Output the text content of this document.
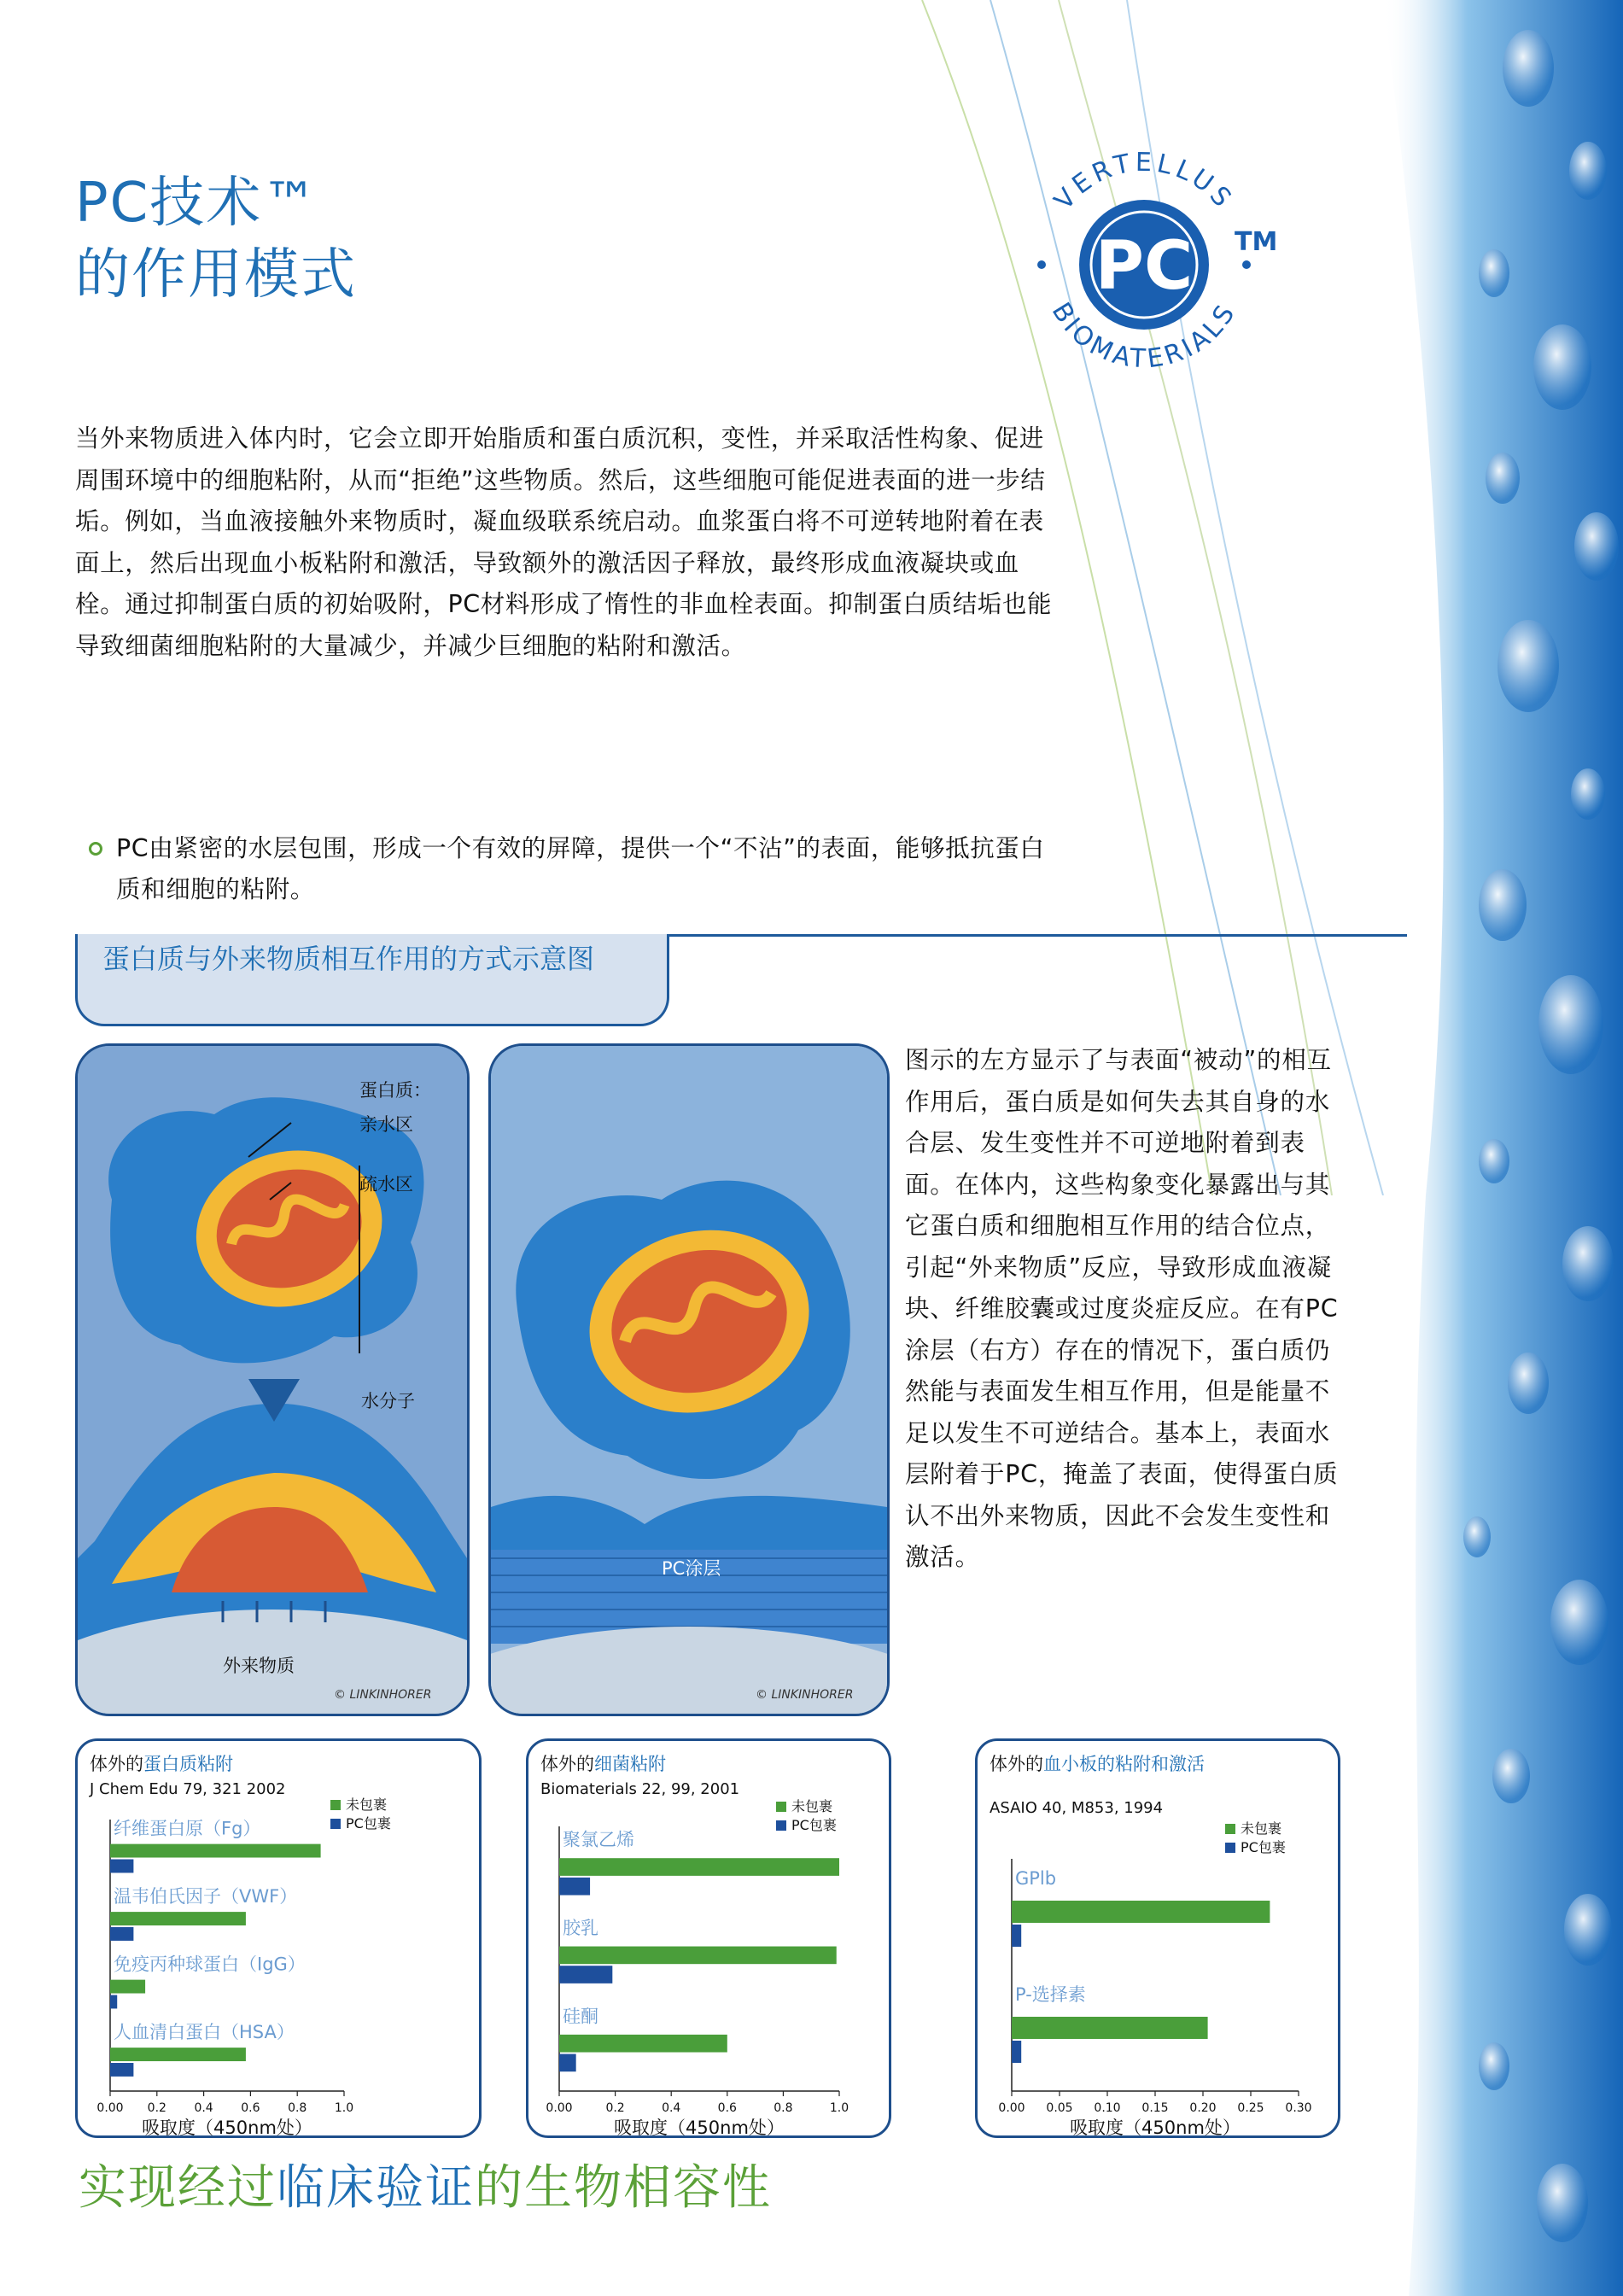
PC技术™
的作用模式	PC
VERTELLUS
BIOMATERIALS
TM
当外来物质进入体内时，它会立即开始脂质和蛋白质沉积，变性，并采取活性构象、促进周围环境中的细胞粘附，从而“拒绝”这些物质。然后，这些细胞可能促进表面的进一步结垢。例如，当血液接触外来物质时，凝血级联系统启动。血浆蛋白将不可逆转地附着在表面上，然后出现血小板粘附和激活，导致额外的激活因子释放，最终形成血液凝块或血栓。通过抑制蛋白质的初始吸附，PC材料形成了惰性的非血栓表面。抑制蛋白质结垢也能导致细菌细胞粘附的大量减少，并减少巨细胞的粘附和激活。
PC由紧密的水层包围，形成一个有效的屏障，提供一个“不沾”的表面，能够抵抗蛋白质和细胞的粘附。
蛋白质与外来物质相互作用的方式示意图
蛋白质：
亲水区
疏水区
水分子
外来物质
© LINKINHORER
PC涂层
© LINKINHORER
图示的左方显示了与表面“被动”的相互作用后，蛋白质是如何失去其自身的水合层、发生变性并不可逆地附着到表面。在体内，这些构象变化暴露出与其它蛋白质和细胞相互作用的结合位点，引起“外来物质”反应，导致形成血液凝块、纤维胶囊或过度炎症反应。在有PC涂层（右方）存在的情况下，蛋白质仍然能与表面发生相互作用，但是能量不足以发生不可逆结合。基本上，表面水层附着于PC，掩盖了表面，使得蛋白质认不出外来物质，因此不会发生变性和激活。
体外的蛋白质粘附
J Chem Edu 79, 321 2002
未包裹
PC包裹
0.00 0.2 0.4 0.6 0.8 1.0
吸取度（450nm处）
纤维蛋白原（Fg）
温韦伯氏因子（VWF）
免疫丙种球蛋白（IgG）
人血清白蛋白（HSA）
体外的细菌粘附
Biomaterials 22, 99, 2001
未包裹
PC包裹
0.00	0.2	0.4	0.6	0.8	1.0
吸取度（450nm处）
聚氯乙烯
胶乳
硅酮
体外的血小板的粘附和激活
ASAIO 40, M853, 1994
未包裹
PC包裹
0.00 0.05 0.10 0.15 0.20 0.25 0.30
吸取度（450nm处）
GPlb
P-选择素
实现经过临床验证的生物相容性
